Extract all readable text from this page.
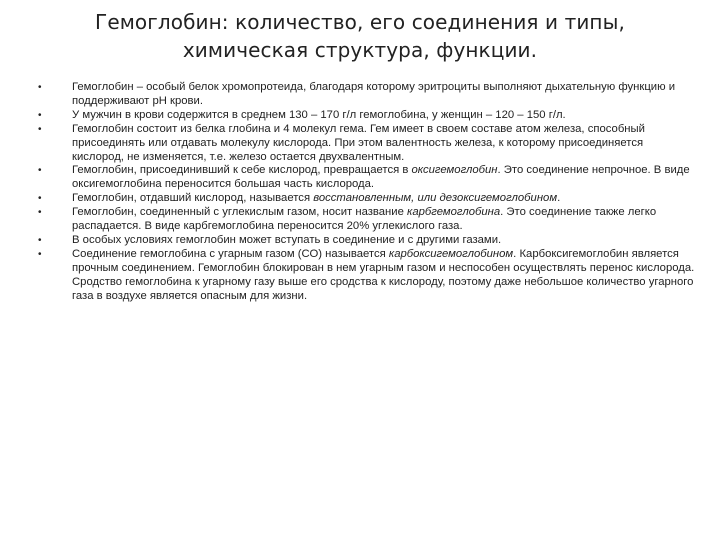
Гемоглобин: количество, его соединения и типы, химическая структура, функции.
•	Гемоглобин – особый белок хромопротеида, благодаря которому эритроциты выполняют дыхательную функцию и поддерживают рН крови.
•	У мужчин в крови содержится в среднем 130 – 170 г/л гемоглобина, у женщин – 120 – 150 г/л.
•	Гемоглобин состоит из белка глобина и 4 молекул гема. Гем имеет в своем составе атом железа, способный присоединять или отдавать молекулу кислорода. При этом валентность железа, к которому присоединяется кислород, не изменяется, т.е. железо остается двухвалентным.
•	Гемоглобин, присоединивший к себе кислород, превращается в оксигемоглобин. Это соединение непрочное. В виде оксигемоглобина переносится большая часть кислорода.
•	Гемоглобин, отдавший кислород, называется восстановленным, или дезоксигемоглобином.
•	Гемоглобин, соединенный с углекислым газом, носит название карбгемоглобина. Это соединение также легко распадается. В виде карбгемоглобина переносится 20% углекислого газа.
•	В особых условиях гемоглобин может вступать в соединение и с другими газами.
•	Соединение гемоглобина с угарным газом (СО) называется карбоксигемоглобином. Карбоксигемоглобин является прочным соединением. Гемоглобин блокирован в нем угарным газом и неспособен осуществлять перенос кислорода. Сродство гемоглобина к угарному газу выше его сродства к кислороду, поэтому даже небольшое количество угарного газа в воздухе является опасным для жизни.
